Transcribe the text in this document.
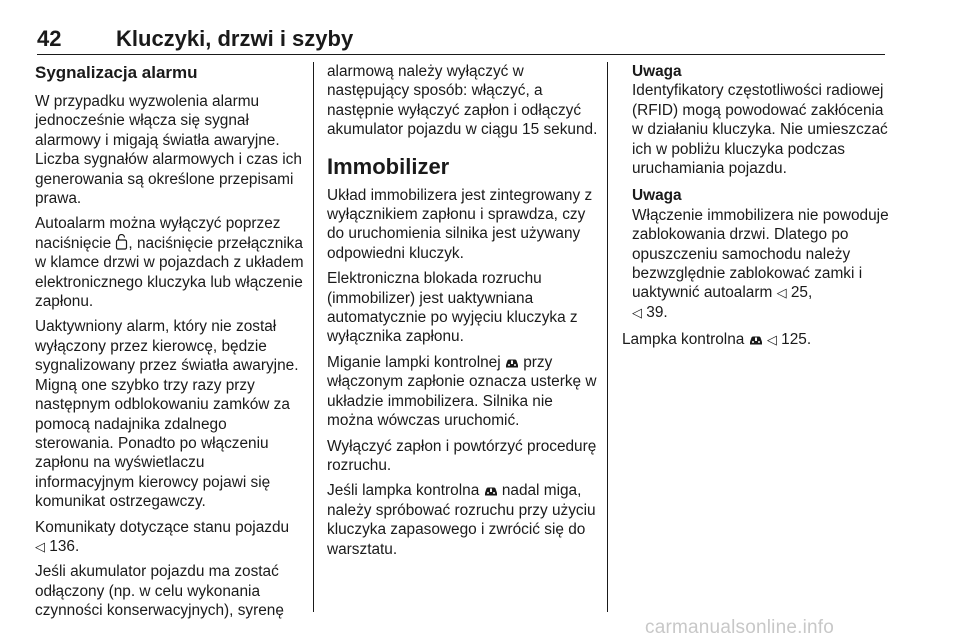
42 Kluczyki, drzwi i szyby
Sygnalizacja alarmu

W przypadku wyzwolenia alarmu jednocześnie włącza się sygnał alarmowy i migają światła awaryjne. Liczba sygnałów alarmowych i czas ich generowania są określone przepisami prawa.

Autoalarm można wyłączyć poprzez naciśnięcie , naciśnięcie przełącznika w klamce drzwi w pojazdach z układem elektronicznego kluczyka lub włączenie zapłonu.

Uaktywniony alarm, który nie został wyłączony przez kierowcę, będzie sygnalizowany przez światła awaryjne. Migną one szybko trzy razy przy następnym odblokowaniu zamków za pomocą nadajnika zdalnego sterowania. Ponadto po włączeniu zapłonu na wyświetlaczu informacyjnym kierowcy pojawi się komunikat ostrzegawczy.

Komunikaty dotyczące stanu pojazdu
◁ 136.

Jeśli akumulator pojazdu ma zostać odłączony (np. w celu wykonania czynności konserwacyjnych), syrenę

alarmową należy wyłączyć w następujący sposób: włączyć, a następnie wyłączyć zapłon i odłączyć akumulator pojazdu w ciągu 15 sekund.

Immobilizer

Układ immobilizera jest zintegrowany z wyłącznikiem zapłonu i sprawdza, czy do uruchomienia silnika jest używany odpowiedni kluczyk.

Elektroniczna blokada rozruchu (immobilizer) jest uaktywniana automatycznie po wyjęciu kluczyka z wyłącznika zapłonu.

Miganie lampki kontrolnej  przy włączonym zapłonie oznacza usterkę w układzie immobilizera. Silnika nie można wówczas uruchomić.

Wyłączyć zapłon i powtórzyć procedurę rozruchu.

Jeśli lampka kontrolna  nadal miga, należy spróbować rozruchu przy użyciu kluczyka zapasowego i zwrócić się do warsztatu.

Uwaga
Identyfikatory częstotliwości radiowej (RFID) mogą powodować zakłócenia w działaniu kluczyka. Nie umieszczać ich w pobliżu kluczyka podczas uruchamiania pojazdu.
Uwaga
Włączenie immobilizera nie powoduje zablokowania drzwi. Dlatego po opuszczeniu samochodu należy bezwzględnie zablokować zamki i uaktywnić autoalarm ◁ 25,
◁ 39.

Lampka kontrolna  ◁ 125.

carmanualsonline.info
